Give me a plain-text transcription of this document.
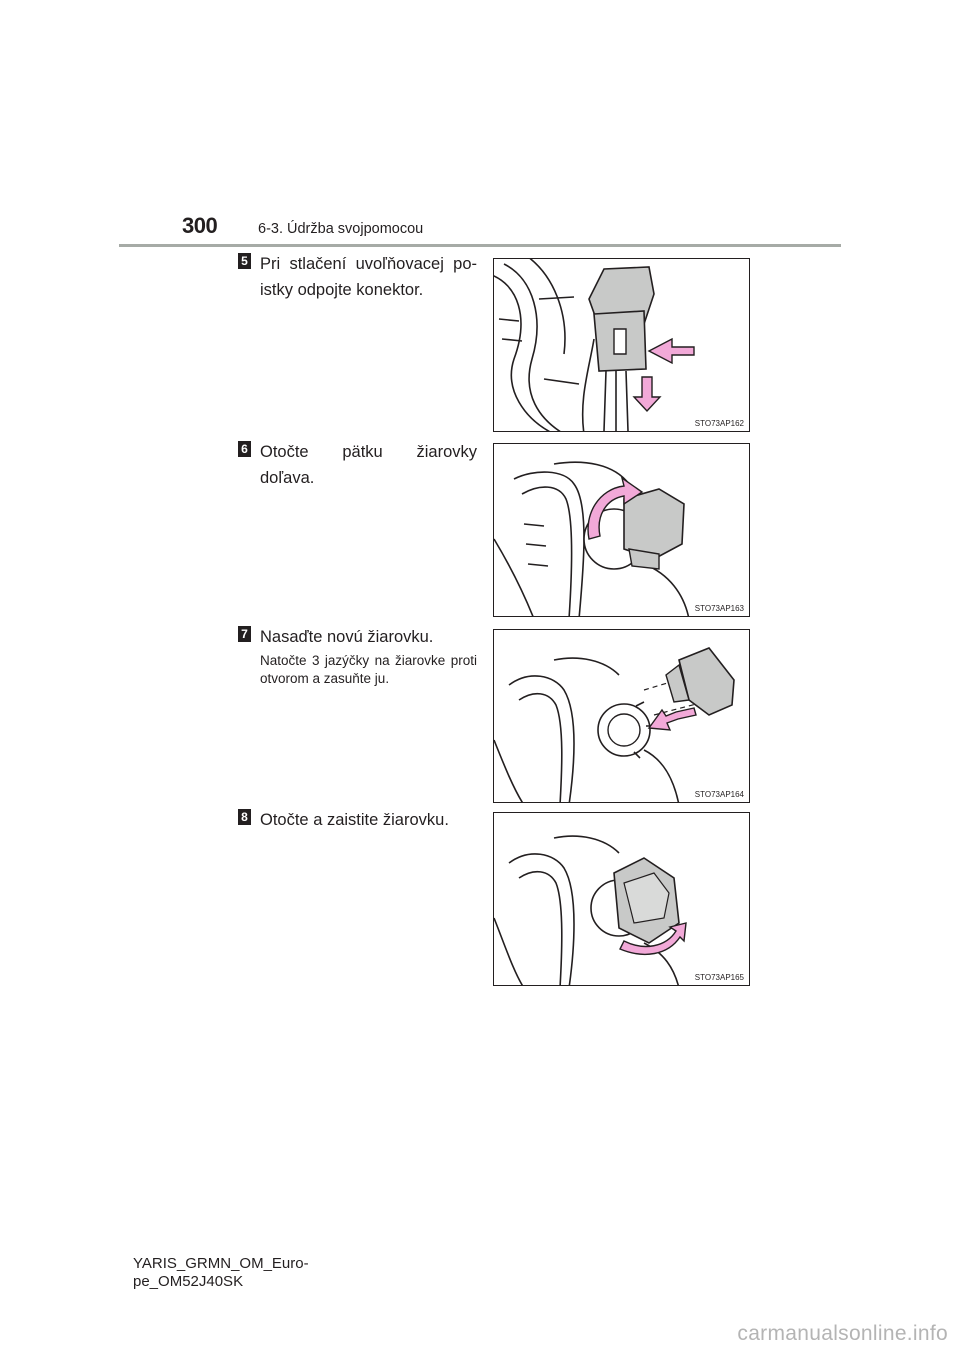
300	6-3. Údržba svojpomocou
5 Pri stlačení uvoľňovacej po-istky odpojte konektor.
STO73AP162
6 Otočte pätku žiarovky doľava.
STO73AP163
7 Nasaďte novú žiarovku.
Natočte 3 jazýčky na žiarovke proti otvorom a zasuňte ju.
STO73AP164
8 Otočte a zaistite žiarovku.
STO73AP165
YARIS_GRMN_OM_Euro-
pe_OM52J40SK
carmanualsonline.info
